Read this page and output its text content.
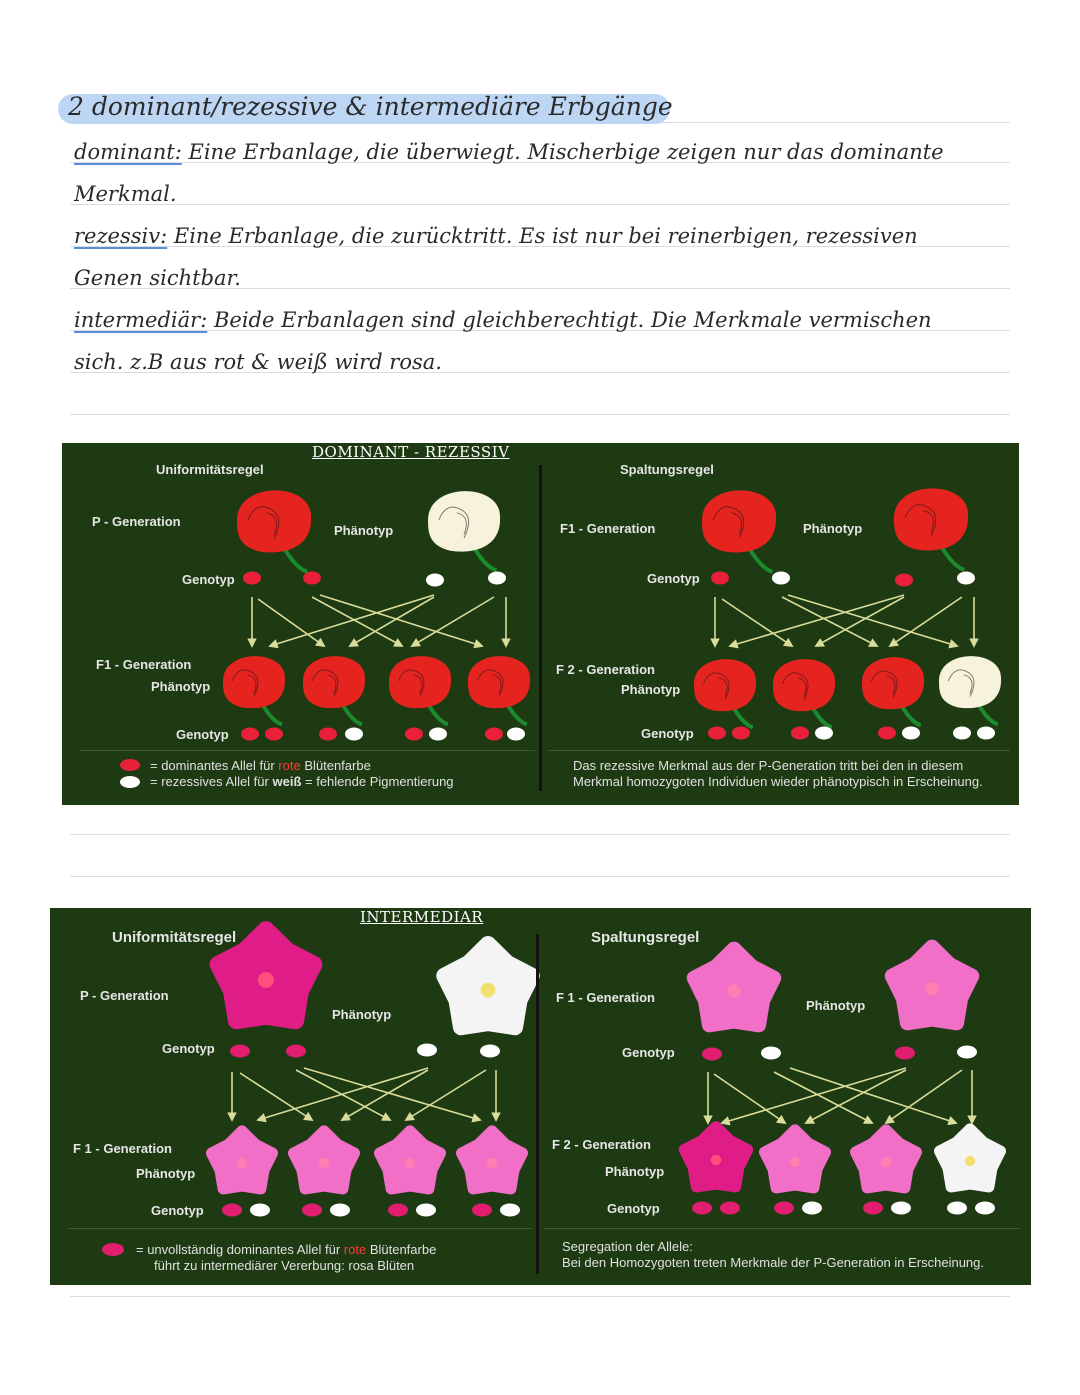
2 dominant/rezessive & intermediäre Erbgänge
dominant: Eine Erbanlage, die überwiegt. Mischerbige zeigen nur das dominante
Merkmal.
rezessiv: Eine Erbanlage, die zurücktritt. Es ist nur bei reinerbigen, rezessiven
Genen sichtbar.
intermediär: Beide Erbanlagen sind gleichberechtigt. Die Merkmale vermischen
sich. z.B aus rot & weiß wird rosa.
DOMINANT - REZESSIV
Uniformitätsregel
P - Generation
Phänotyp
Genotyp
F1 - Generation
Phänotyp
Genotyp
Spaltungsregel
F1 - Generation	Phänotyp
Genotyp
F 2 - Generation
Phänotyp
Genotyp
= dominantes Allel für rote Blütenfarbe
= rezessives Allel für weiß = fehlende Pigmentierung
Das rezessive Merkmal aus der P-Generation tritt bei den in diesem
Merkmal homozygoten Individuen wieder phänotypisch in Erscheinung.
INTERMEDIAR
Uniformitätsregel
P - Generation
Phänotyp
Genotyp
F 1 - Generation
Phänotyp
Genotyp
Spaltungsregel
F 1 - Generation
Phänotyp
Genotyp
F 2 - Generation
Phänotyp
Genotyp
= unvollständig dominantes Allel für rote Blütenfarbe
führt zu intermediärer Vererbung: rosa Blüten
Segregation der Allele:
Bei den Homozygoten treten Merkmale der P-Generation in Erscheinung.
